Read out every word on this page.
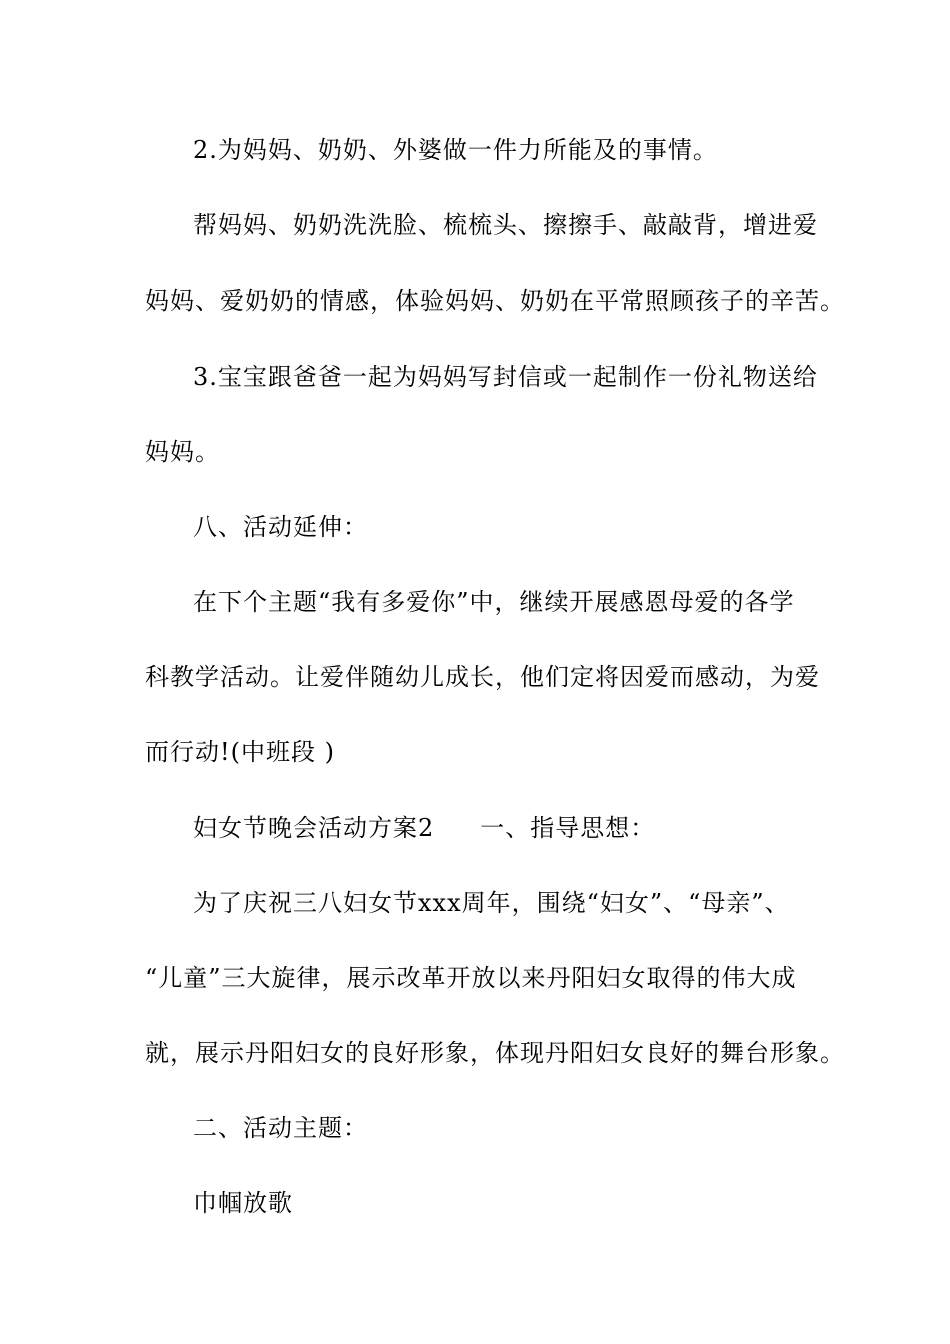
2.为妈妈、奶奶、外婆做一件力所能及的事情。
帮妈妈、奶奶洗洗脸、梳梳头、擦擦手、敲敲背，增进爱
妈妈、爱奶奶的情感，体验妈妈、奶奶在平常照顾孩子的辛苦。
3.宝宝跟爸爸一起为妈妈写封信或一起制作一份礼物送给
妈妈。
八、活动延伸：
在下个主题“我有多爱你”中，继续开展感恩母爱的各学
科教学活动。让爱伴随幼儿成长，他们定将因爱而感动，为爱
而行动!(中班段 )
妇女节晚会活动方案2 一、指导思想：
为了庆祝三八妇女节xxx周年，围绕“妇女”、“母亲”、
“儿童”三大旋律，展示改革开放以来丹阳妇女取得的伟大成
就，展示丹阳妇女的良好形象，体现丹阳妇女良好的舞台形象。
二、活动主题：
巾帼放歌
